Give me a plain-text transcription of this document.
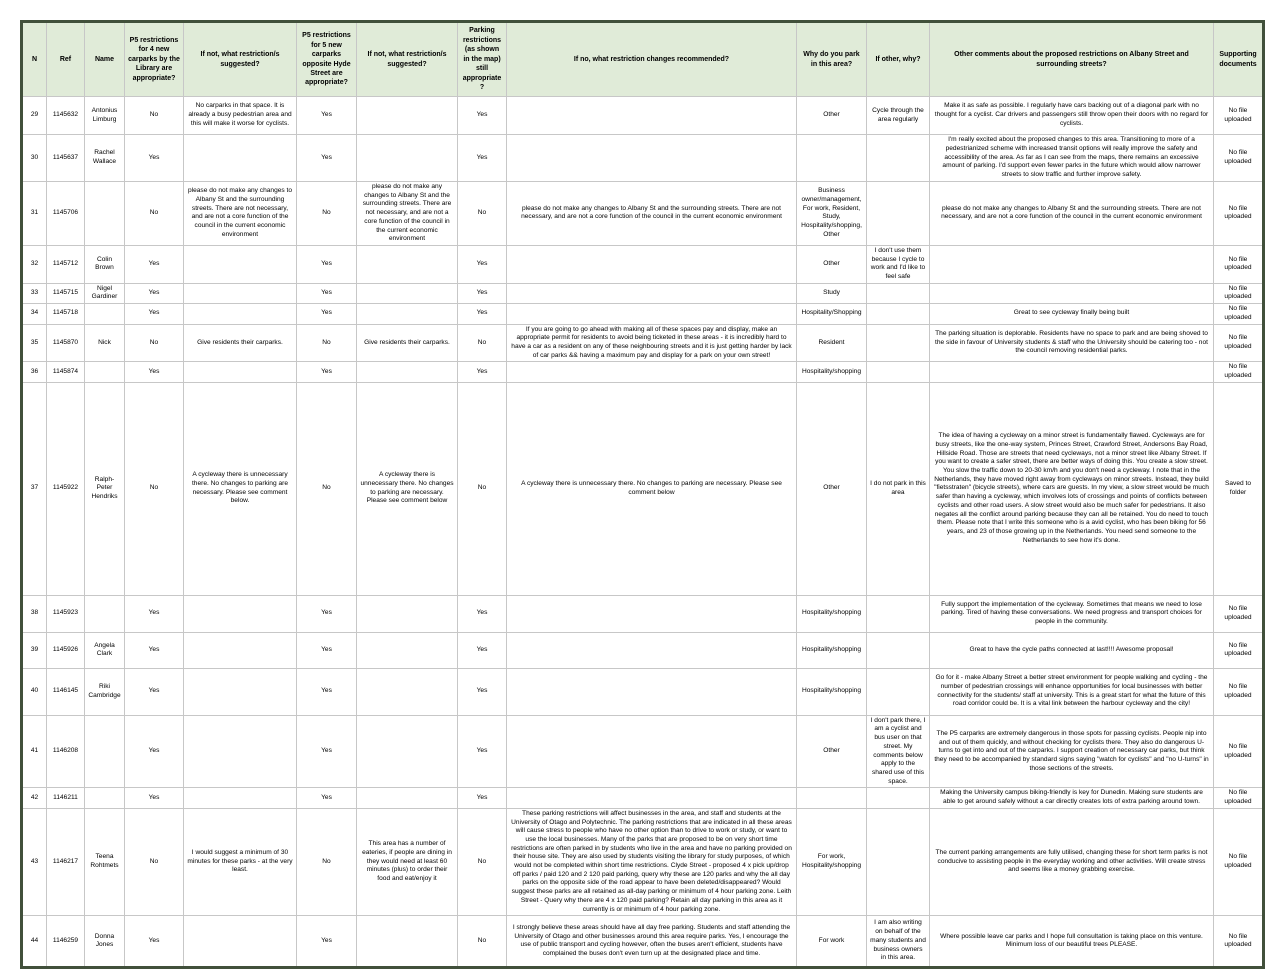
N	Ref	Name	P5 restrictions for 4 new carparks by the Library are appropriate?	If not, what restriction/s suggested?	P5 restrictions for 5 new carparks opposite Hyde Street are appropriate?	If not, what restriction/s suggested?	Parking restrictions (as shown in the map) still appropriate?	If no, what restriction changes recommended?	Why do you park in this area?	If other, why?	Other comments about the proposed restrictions on Albany Street and surrounding streets?	Supporting documents
29	1145632	Antonius Limburg	No	No carparks in that space. It is already a busy pedestrian area and this will make it worse for cyclists.	Yes		Yes		Other	Cycle through the area regularly	Make it as safe as possible. I regularly have cars backing out of a diagonal park with no thought for a cyclist. Car drivers and passengers still throw open their doors with no regard for cyclists.	No file uploaded
30	1145637	Rachel Wallace	Yes		Yes		Yes				I'm really excited about the proposed changes to this area. Transitioning to more of a pedestrianized scheme with increased transit options will really improve the safety and accessibility of the area. As far as I can see from the maps, there remains an excessive amount of parking. I'd support even fewer parks in the future which would allow narrower streets to slow traffic and further improve safety.	No file uploaded
31	1145706		No	please do not make any changes to Albany St and the surrounding streets. There are not necessary, and are not a core function of the council in the current economic environment	No	please do not make any changes to Albany St and the surrounding streets. There are not necessary, and are not a core function of the council in the current economic environment	No	please do not make any changes to Albany St and the surrounding streets. There are not necessary, and are not a core function of the council in the current economic environment	Business owner/management, For work, Resident, Study, Hospitality/shopping, Other		please do not make any changes to Albany St and the surrounding streets. There are not necessary, and are not a core function of the council in the current economic environment	No file uploaded
32	1145712	Colin Brown	Yes		Yes		Yes		Other	I don't use them because I cycle to work and I'd like to feel safe		No file uploaded
33	1145715	Nigel Gardiner	Yes		Yes		Yes		Study			No file uploaded
34	1145718		Yes		Yes		Yes		Hospitality/Shopping		Great to see cycleway finally being built	No file uploaded
35	1145870	Nick	No	Give residents their carparks.	No	Give residents their carparks.	No	If you are going to go ahead with making all of these spaces pay and display, make an appropriate permit for residents to avoid being ticketed in these areas - it is incredibly hard to have a car as a resident on any of these neighbouring streets and it is just getting harder by lack of car parks && having a maximum pay and display for a park on your own street!	Resident		The parking situation is deplorable. Residents have no space to park and are being shoved to the side in favour of University students & staff who the University should be catering too - not the council removing residential parks.	No file uploaded
36	1145874		Yes		Yes		Yes		Hospitality/shopping			No file uploaded
37	1145922	Ralph-Peter Hendriks	No	A cycleway there is unnecessary there. No changes to parking are necessary. Please see comment below.	No	A cycleway there is unnecessary there. No changes to parking are necessary. Please see comment below	No	A cycleway there is unnecessary there. No changes to parking are necessary. Please see comment below	Other	I do not park in this area	The idea of having a cycleway on a minor street is fundamentally flawed. Cycleways are for busy streets, like the one-way system, Princes Street, Crawford Street, Andersons Bay Road, Hillside Road. Those are streets that need cycleways, not a minor street like Albany Street. If you want to create a safer street, there are better ways of doing this. You create a slow street. You slow the traffic down to 20-30 km/h and you don't need a cycleway. I note that in the Netherlands, they have moved right away from cycleways on minor streets. Instead, they build "fietsstraten" (bicycle streets), where cars are guests. In my view, a slow street would be much safer than having a cycleway, which involves lots of crossings and points of conflicts between cyclists and other road users. A slow street would also be much safer for pedestrians. It also negates all the conflict around parking because they can all be retained. You do need to touch them. Please note that I write this someone who is a avid cyclist, who has been biking for 56 years, and 23 of those growing up in the Netherlands. You need send someone to the Netherlands to see how it's done.	Saved to folder
38	1145923		Yes		Yes		Yes		Hospitality/shopping		Fully support the implementation of the cycleway. Sometimes that means we need to lose parking. Tired of having these conversations. We need progress and transport choices for people in the community.	No file uploaded
39	1145926	Angela Clark	Yes		Yes		Yes		Hospitality/shopping		Great to have the cycle paths connected at last!!!! Awesome proposal!	No file uploaded
40	1146145	Riki Cambridge	Yes		Yes		Yes		Hospitality/shopping		Go for it - make Albany Street a better street environment for people walking and cycling - the number of pedestrian crossings will enhance opportunities for local businesses with better connectivity for the students/ staff at university. This is a great start for what the future of this road corridor could be. It is a vital link between the harbour cycleway and the city!	No file uploaded
41	1146208		Yes		Yes		Yes		Other	I don't park there, I am a cyclist and bus user on that street. My comments below apply to the shared use of this space.	The P5 carparks are extremely dangerous in those spots for passing cyclists. People nip into and out of them quickly, and without checking for cyclists there. They also do dangerous U-turns to get into and out of the carparks. I support creation of necessary car parks, but think they need to be accompanied by standard signs saying "watch for cyclists" and "no U-turns" in those sections of the streets.	No file uploaded
42	1146211		Yes		Yes		Yes				Making the University campus biking-friendly is key for Dunedin. Making sure students are able to get around safely without a car directly creates lots of extra parking around town.	No file uploaded
43	1146217	Teena Rohtmets	No	I would suggest a minimum of 30 minutes for these parks - at the very least.	No	This area has a number of eateries, if people are dining in they would need at least 60 minutes (plus) to order their food and eat/enjoy it	No	These parking restrictions will affect businesses in the area, and staff and students at the University of Otago and Polytechnic. The parking restrictions that are indicated in all these areas will cause stress to people who have no other option than to drive to work or study, or want to use the local businesses. Many of the parks that are proposed to be on very short time restrictions are often parked in by students who live in the area and have no parking provided on their house site. They are also used by students visiting the library for study purposes, of which would not be completed within short time restrictions. Clyde Street - proposed 4 x pick up/drop off parks / paid 120 and 2 120 paid parking, query why these are 120 parks and why the all day parks on the opposite side of the road appear to have been deleted/disappeared? Would suggest these parks are all retained as all-day parking or minimum of 4 hour parking zone. Leith Street - Query why there are 4 x 120 paid parking? Retain all day parking in this area as it currently is or minimum of 4 hour parking zone.	For work, Hospitality/shopping		The current parking arrangements are fully utilised, changing these for short term parks is not conducive to assisting people in the everyday working and other activities. Will create stress and seems like a money grabbing exercise.	No file uploaded
44	1146259	Donna Jones	Yes		Yes		No	I strongly believe these areas should have all day free parking. Students and staff attending the University of Otago and other businesses around this area require parks. Yes, I encourage the use of public transport and cycling however, often the buses aren't efficient, students have complained the buses don't even turn up at the designated place and time.	For work	I am also writing on behalf of the many students and business owners in this area.	Where possible leave car parks and I hope full consultation is taking place on this venture. Minimum loss of our beautiful trees PLEASE.	No file uploaded
